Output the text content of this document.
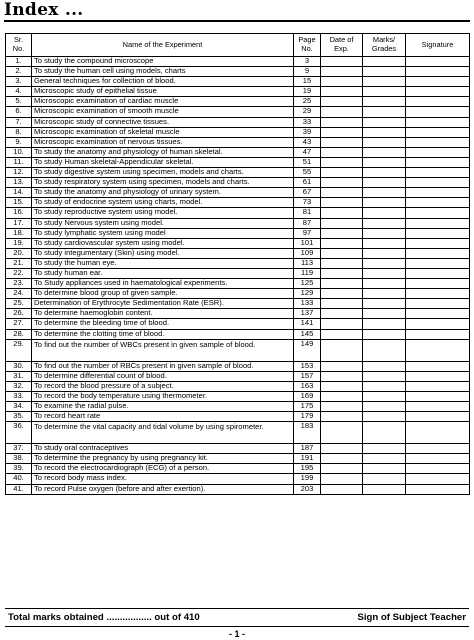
Index ...
Sr. No.	Name of the Experiment	Page No.	Date of Exp.	Marks/ Grades	Signature
1.	To study the compound microscope	3			
2.	To study the human cell using models, charts	9			
3.	General techniques for collection of blood.	15			
4.	Microscopic study of epithelial tissue	19			
5.	Microscopic examination of cardiac muscle	25			
6.	Microscopic examination of smooth muscle	29			
7.	Microscopic study of connective tissues.	33			
8.	Microscopic examination of skeletal muscle	39			
9.	Microscopic examination of nervous tissues.	43			
10.	To study the anatomy and physiology of human skeletal.	47			
11.	To study Human skeletal-Appendicular skeletal.	51			
12.	To study digestive system using specimen, models and charts.	55			
13.	To study respiratory system using specimen, models and charts.	61			
14.	To study the anatomy and physiology of urinary system.	67			
15.	To study of endocrine system using charts, model.	73			
16.	To study reproductive system using model.	81			
17.	To study Nervous system using model.	87			
18.	To study lymphatic system using model	97			
19.	To study cardiovascular system using model.	101			
20.	To study integumentary (Skin) using model.	109			
21.	To study the human eye.	113			
22.	To study human ear.	119			
23.	To Study appliances used in haematological experiments.	125			
24.	To determine blood group of given sample.	129			
25.	Determination of Erythrocyte Sedimentation Rate (ESR).	133			
26.	To determine haemoglobin content.	137			
27.	To determine the bleeding time of blood.	141			
28.	To determine the clotting time of blood.	145			
29.	To find out the number of WBCs present in given sample of blood.	149			
30.	To find out the number of RBCs present in given sample of blood.	153			
31.	To determine differential count of blood.	157			
32.	To record the blood pressure of a subject.	163			
33.	To record the body temperature using thermometer.	169			
34.	To examine the radial pulse.	175			
35.	To record heart rate	179			
36.	To determine the vital capacity and tidal volume by using spirometer.	183			
37.	To study oral contraceptives	187			
38.	To determine the pregnancy by using pregnancy kit.	191			
39.	To record the electrocardiograph (ECG) of a person.	195			
40.	To record body mass index.	199			
41.	To record Pulse oxygen (before and after exertion).	203			
Total marks obtained ................. out of 410	Sign of Subject Teacher
- 1 -
